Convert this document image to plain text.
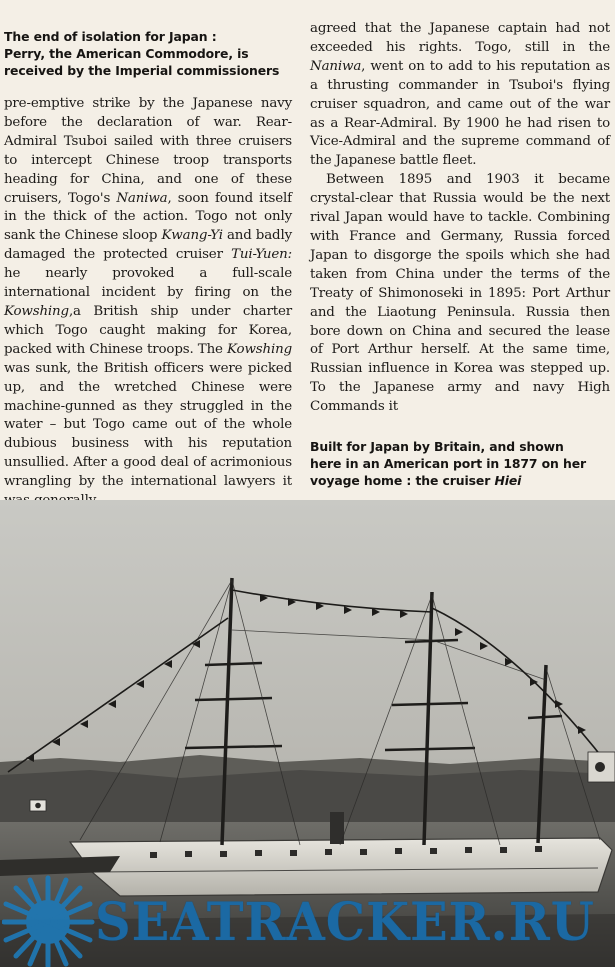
The end of isolation for Japan :
Perry, the American Commodore, is
received by the Imperial commissioners

pre-emptive strike by the Japanese navy before the declaration of war. Rear-Admiral Tsuboi sailed with three cruisers to intercept Chinese troop transports heading for China, and one of these cruisers, Togo's Naniwa, soon found itself in the thick of the action. Togo not only sank the Chinese sloop Kwang-Yi and badly damaged the protected cruiser Tui-Yuen: he nearly provoked a full-scale international incident by firing on the Kowshing,a British ship under charter which Togo caught making for Korea, packed with Chinese troops. The Kowshing was sunk, the British officers were picked up, and the wretched Chinese were machine-gunned as they struggled in the water – but Togo came out of the whole dubious business with his reputation unsullied. After a good deal of acrimonious wrangling by the international lawyers it

agreed that the Japanese captain had not exceeded his rights. Togo, still in the Naniwa, went on to add to his reputation as a thrusting commander in Tsuboi's flying cruiser squadron, and came out of the war as a Rear-Admiral. By 1900 he had risen to Vice-Admiral and the supreme command of the Japanese battle fleet.

Between 1895 and 1903 it became crystal-clear that Russia would be the next rival Japan would have to tackle. Combining with France and Germany, Russia forced Japan to disgorge the spoils which she had taken from China under the terms of the Treaty of Shimonoseki in 1895: Port Arthur and the Liaotung Peninsula. Russia then bore down on China and secured the lease of Port Arthur herself. At the same time, Russian influence in Korea was stepped up. To the Japanese army and navy High Commands it

Built for Japan by Britain, and shown
here in an American port in 1877 on her
voyage home : the cruiser Hiei
SEATRACKER.RU
